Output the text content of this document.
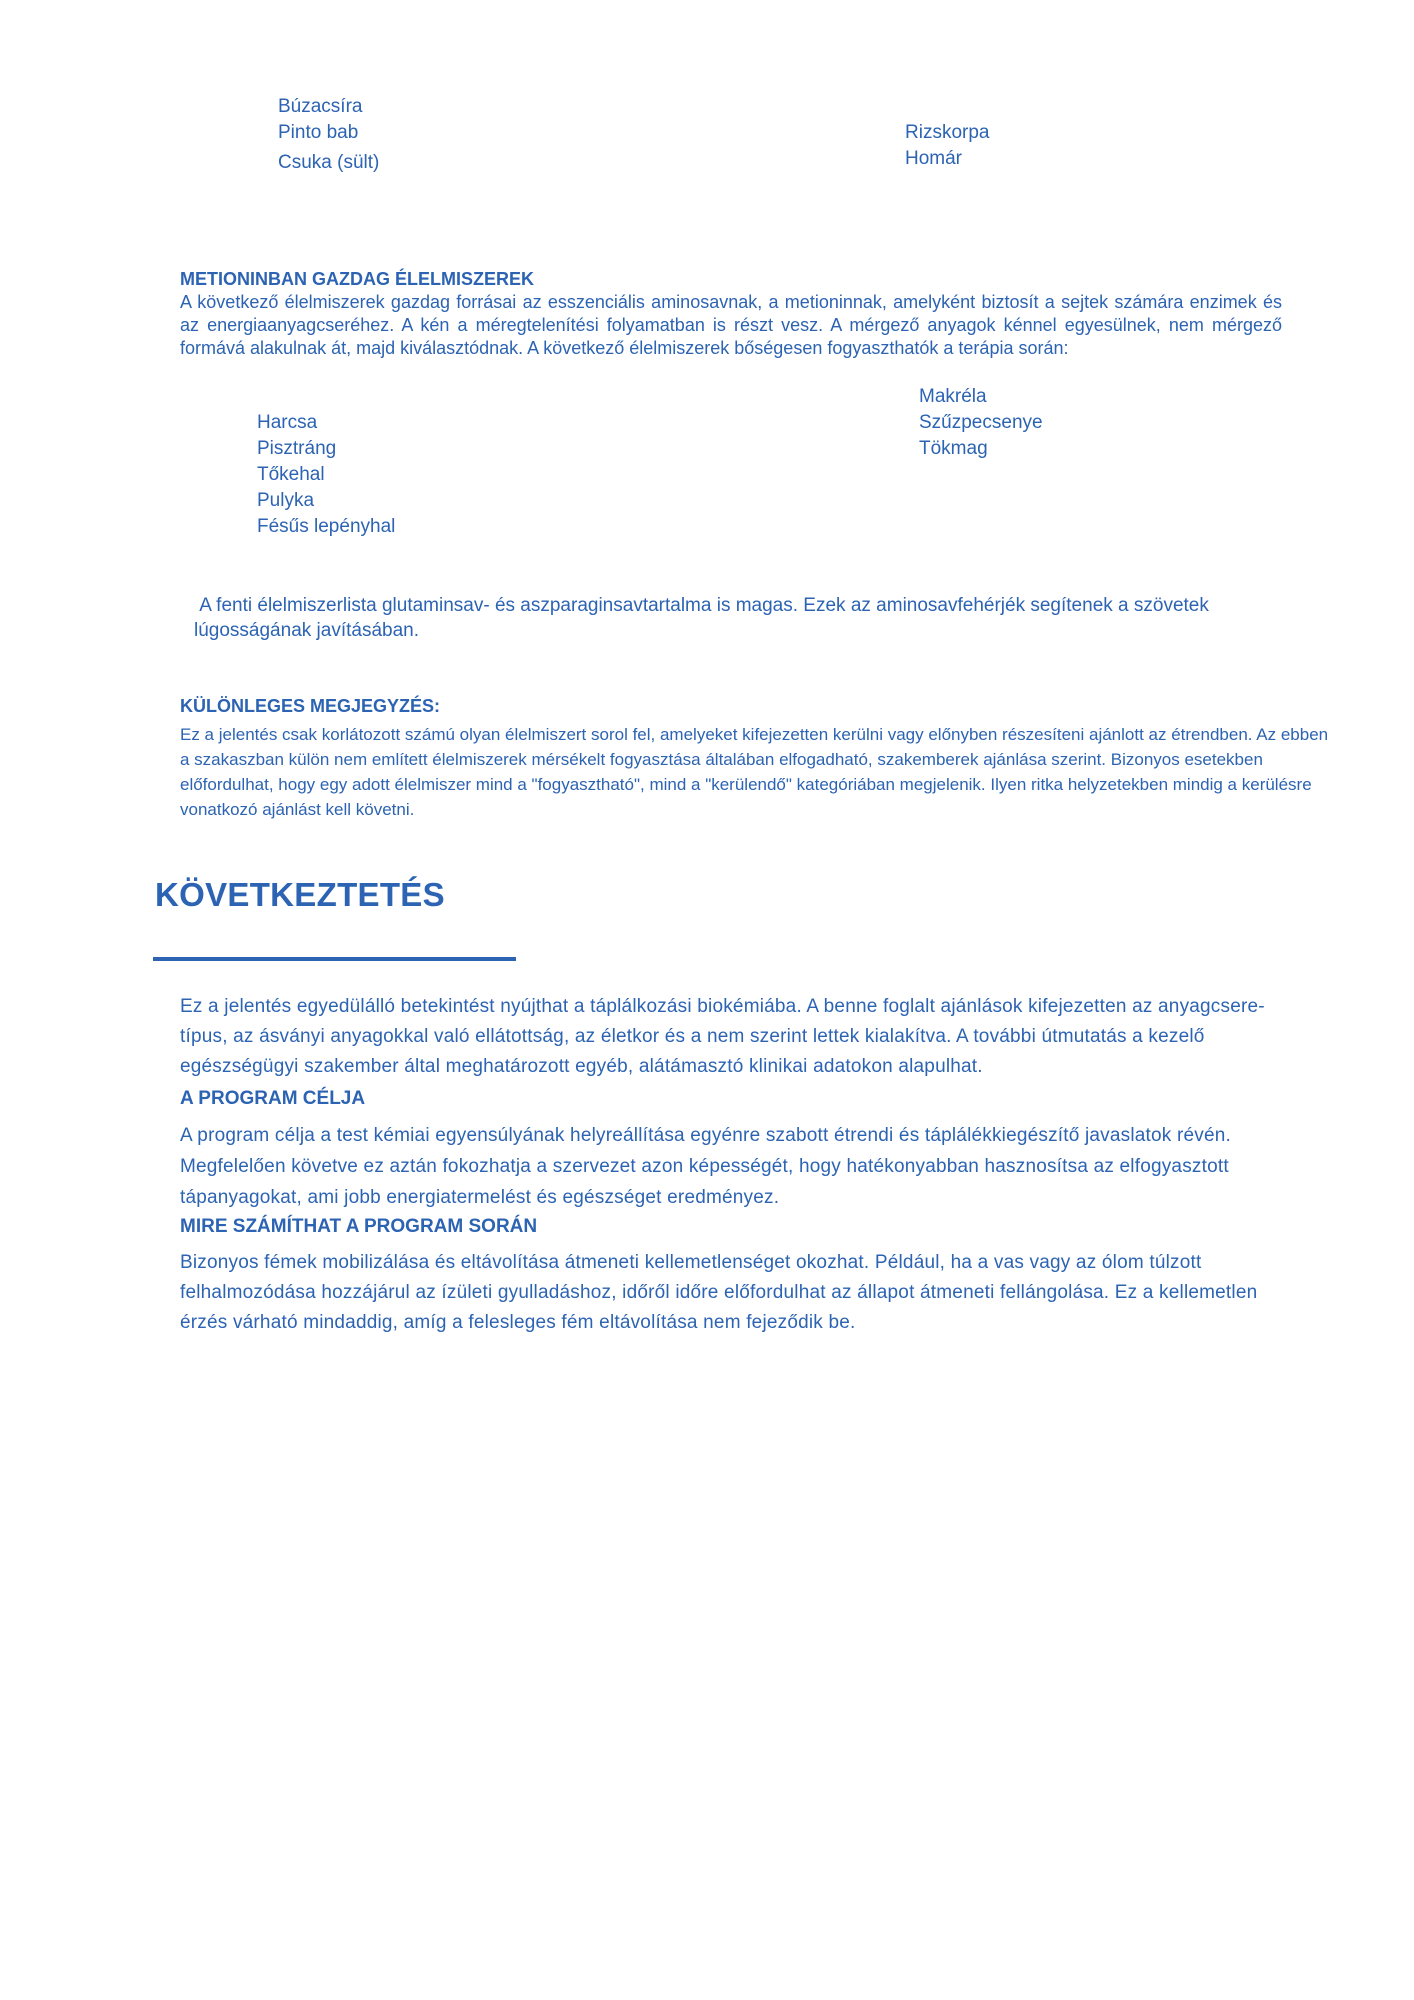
Búzacsíra
Pinto bab
Csuka (sült)
Rizskorpa
Homár
METIONINBAN GAZDAG ÉLELMISZEREK
A következő élelmiszerek gazdag forrásai az esszenciális aminosavnak, a metioninnak, amelyként biztosít a sejtek számára enzimek és az energiaanyagcseréhez. A kén a méregtelenítési folyamatban is részt vesz. A mérgező anyagok kénnel egyesülnek, nem mérgező formává alakulnak át, majd kiválasztódnak. A következő élelmiszerek bőségesen fogyaszthatók a terápia során:
Harcsa
Pisztráng
Tőkehal
Pulyka
Fésűs lepényhal
Makréla
Szűzpecsenye
Tökmag
A fenti élelmiszerlista glutaminsav- és aszparaginsavtartalma is magas. Ezek az aminosavfehérjék segítenek a szövetek lúgosságának javításában.
KÜLÖNLEGES MEGJEGYZÉS:
Ez a jelentés csak korlátozott számú olyan élelmiszert sorol fel, amelyeket kifejezetten kerülni vagy előnyben részesíteni ajánlott az étrendben. Az ebben a szakaszban külön nem említett élelmiszerek mérsékelt fogyasztása általában elfogadható, szakemberek ajánlása szerint. Bizonyos esetekben előfordulhat, hogy egy adott élelmiszer mind a "fogyasztható", mind a "kerülendő" kategóriában megjelenik. Ilyen ritka helyzetekben mindig a kerülésre vonatkozó ajánlást kell követni.
KÖVETKEZTETÉS
Ez a jelentés egyedülálló betekintést nyújthat a táplálkozási biokémiába. A benne foglalt ajánlások kifejezetten az anyagcsere-típus, az ásványi anyagokkal való ellátottság, az életkor és a nem szerint lettek kialakítva. A további útmutatás a kezelő egészségügyi szakember által meghatározott egyéb, alátámasztó klinikai adatokon alapulhat.
A PROGRAM CÉLJA
A program célja a test kémiai egyensúlyának helyreállítása egyénre szabott étrendi és táplálékkiegészítő javaslatok révén. Megfelelően követve ez aztán fokozhatja a szervezet azon képességét, hogy hatékonyabban hasznosítsa az elfogyasztott tápanyagokat, ami jobb energiatermelést és egészséget eredményez.
MIRE SZÁMÍTHAT A PROGRAM SORÁN
Bizonyos fémek mobilizálása és eltávolítása átmeneti kellemetlenséget okozhat. Például, ha a vas vagy az ólom túlzott felhalmozódása hozzájárul az ízületi gyulladáshoz, időről időre előfordulhat az állapot átmeneti fellángolása. Ez a kellemetlen érzés várható mindaddig, amíg a felesleges fém eltávolítása nem fejeződik be.
